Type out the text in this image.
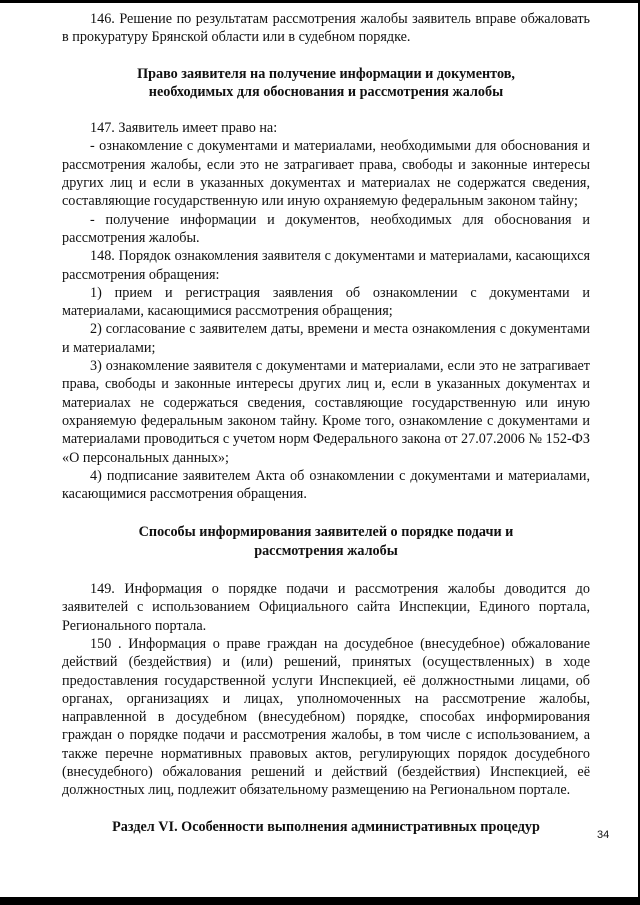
146. Решение по результатам рассмотрения жалобы заявитель вправе обжаловать в прокуратуру Брянской области или в судебном порядке.

Право заявителя на получение информации и документов,
необходимых для обоснования и рассмотрения жалобы

147. Заявитель имеет право на:

- ознакомление с документами и материалами, необходимыми для обоснования и рассмотрения жалобы, если это не затрагивает права, свободы и законные интересы других лиц и если в указанных документах и материалах не содержатся сведения, составляющие государственную или иную охраняемую федеральным законом тайну;

- получение информации и документов, необходимых для обоснования и рассмотрения жалобы.

148. Порядок ознакомления заявителя с документами и материалами, касающихся рассмотрения обращения:

1) прием и регистрация заявления об ознакомлении с документами и материалами, касающимися рассмотрения обращения;

2) согласование с заявителем даты, времени и места ознакомления с документами и материалами;

3) ознакомление заявителя с документами и материалами, если это не затрагивает права, свободы и законные интересы других лиц и, если в указанных документах и материалах не содержаться сведения, составляющие государственную или иную охраняемую федеральным законом тайну. Кроме того, ознакомление с документами и материалами проводиться с учетом норм Федерального закона от 27.07.2006 № 152-ФЗ «О персональных данных»;

4) подписание заявителем Акта об ознакомлении с документами и материалами, касающимися рассмотрения обращения.

Способы информирования заявителей о порядке подачи и
рассмотрения жалобы

149. Информация о порядке подачи и рассмотрения жалобы доводится до заявителей с использованием Официального сайта Инспекции, Единого портала, Регионального портала.

150 . Информация о праве граждан на досудебное (внесудебное) обжалование действий (бездействия) и (или) решений, принятых (осуществленных) в ходе предоставления государственной услуги Инспекцией, её должностными лицами, об органах, организациях и лицах, уполномоченных на рассмотрение жалобы, направленной в досудебном (внесудебном) порядке, способах информирования граждан о порядке подачи и рассмотрения жалобы, в том числе с использованием, а также перечне нормативных правовых актов, регулирующих порядок досудебного (внесудебного) обжалования решений и действий (бездействия) Инспекцией, её должностных лиц, подлежит обязательному размещению на Региональном портале.

Раздел VI. Особенности выполнения административных процедур

34
